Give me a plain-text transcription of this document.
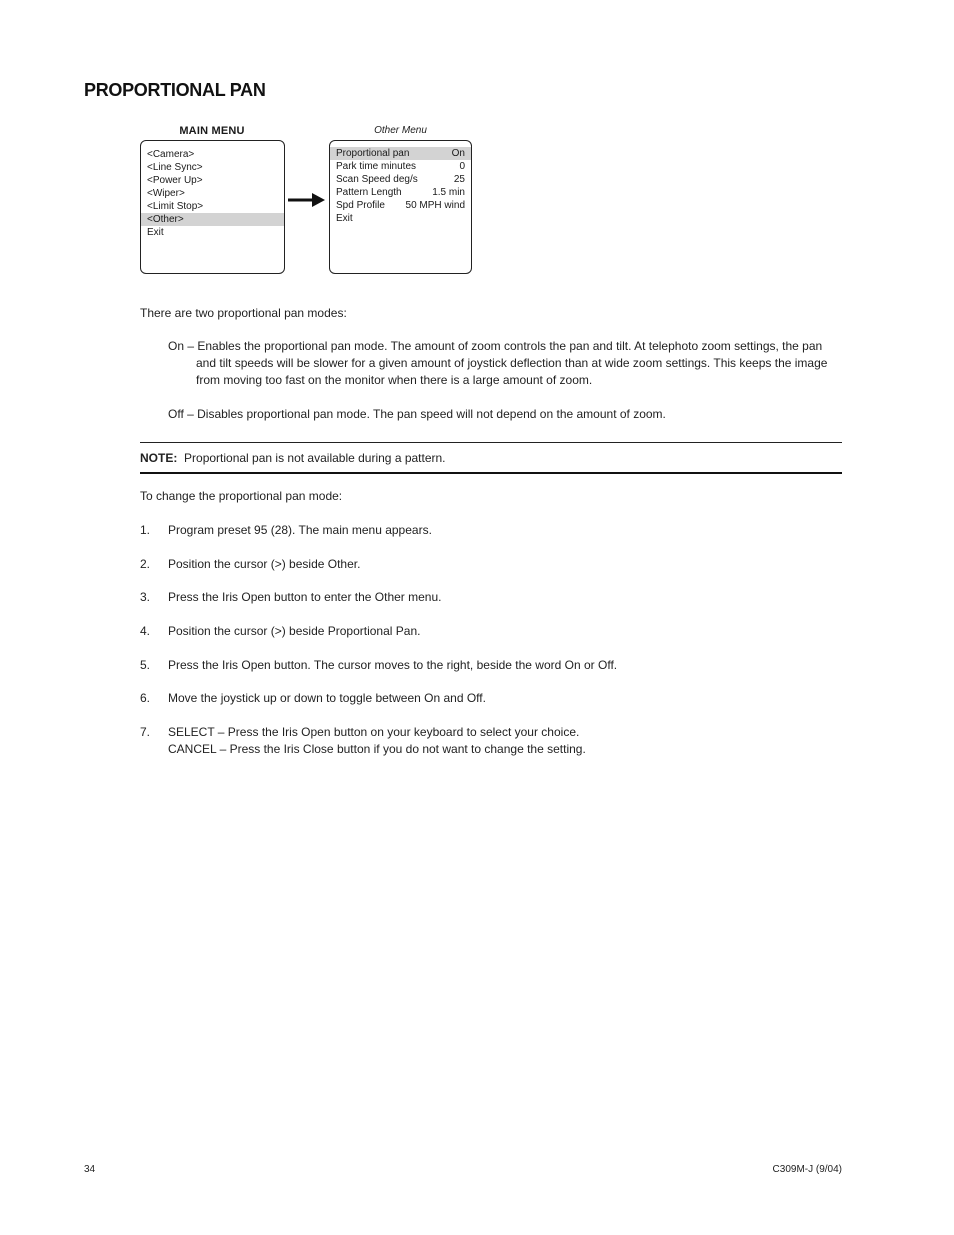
PROPORTIONAL PAN
MAIN MENU
<Camera>
<Line Sync>
<Power Up>
<Wiper>
<Limit Stop>
<Other>
Exit
Other Menu
Proportional pan	On
Park time minutes	0
Scan Speed deg/s	25
Pattern Length	1.5 min
Spd Profile 50 MPH wind
Exit
There are two proportional pan modes:
On – Enables the proportional pan mode. The amount of zoom controls the pan and tilt. At telephoto zoom settings, the pan and tilt speeds will be slower for a given amount of joystick deflection than at wide zoom settings. This keeps the image from moving too fast on the monitor when there is a large amount of zoom.
Off – Disables proportional pan mode. The pan speed will not depend on the amount of zoom.
NOTE: Proportional pan is not available during a pattern.
To change the proportional pan mode:
1. Program preset 95 (28). The main menu appears.
2. Position the cursor (>) beside Other.
3. Press the Iris Open button to enter the Other menu.
4. Position the cursor (>) beside Proportional Pan.
5. Press the Iris Open button. The cursor moves to the right, beside the word On or Off.
6. Move the joystick up or down to toggle between On and Off.
7. SELECT – Press the Iris Open button on your keyboard to select your choice.
CANCEL – Press the Iris Close button if you do not want to change the setting.
34	C309M-J (9/04)
